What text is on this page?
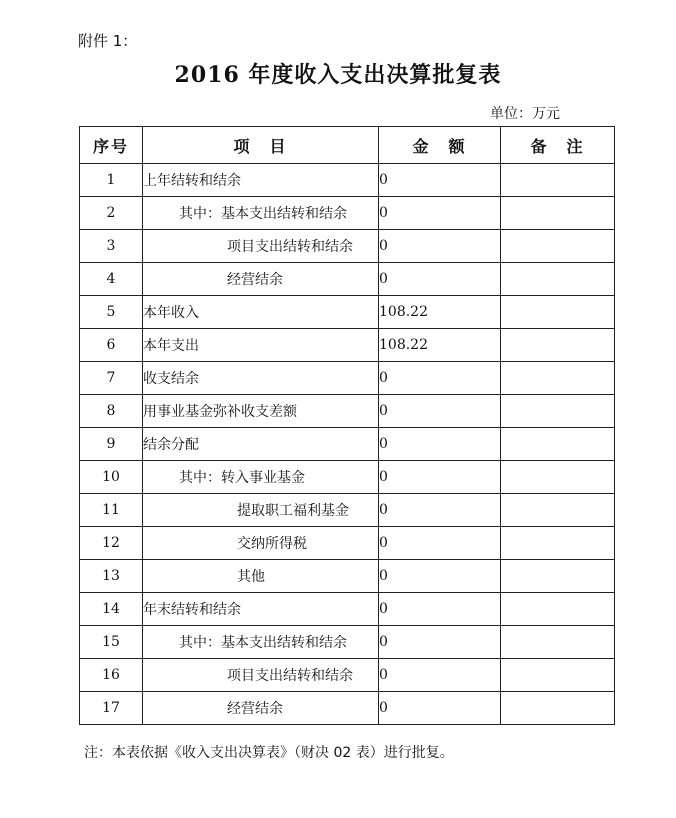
附件 1：
2016 年度收入支出决算批复表
单位：万元
序号	项　目	金　额	备　注
1	上年结转和结余	0	
2	其中：基本支出结转和结余	0	
3	项目支出结转和结余	0	
4	经营结余	0	
5	本年收入	108.22	
6	本年支出	108.22	
7	收支结余	0	
8	用事业基金弥补收支差额	0	
9	结余分配	0	
10	其中：转入事业基金	0	
11	提取职工福利基金	0	
12	交纳所得税	0	
13	其他	0	
14	年末结转和结余	0	
15	其中：基本支出结转和结余	0	
16	项目支出结转和结余	0	
17	经营结余	0	
注：本表依据《收入支出决算表》（财决 02 表）进行批复。
